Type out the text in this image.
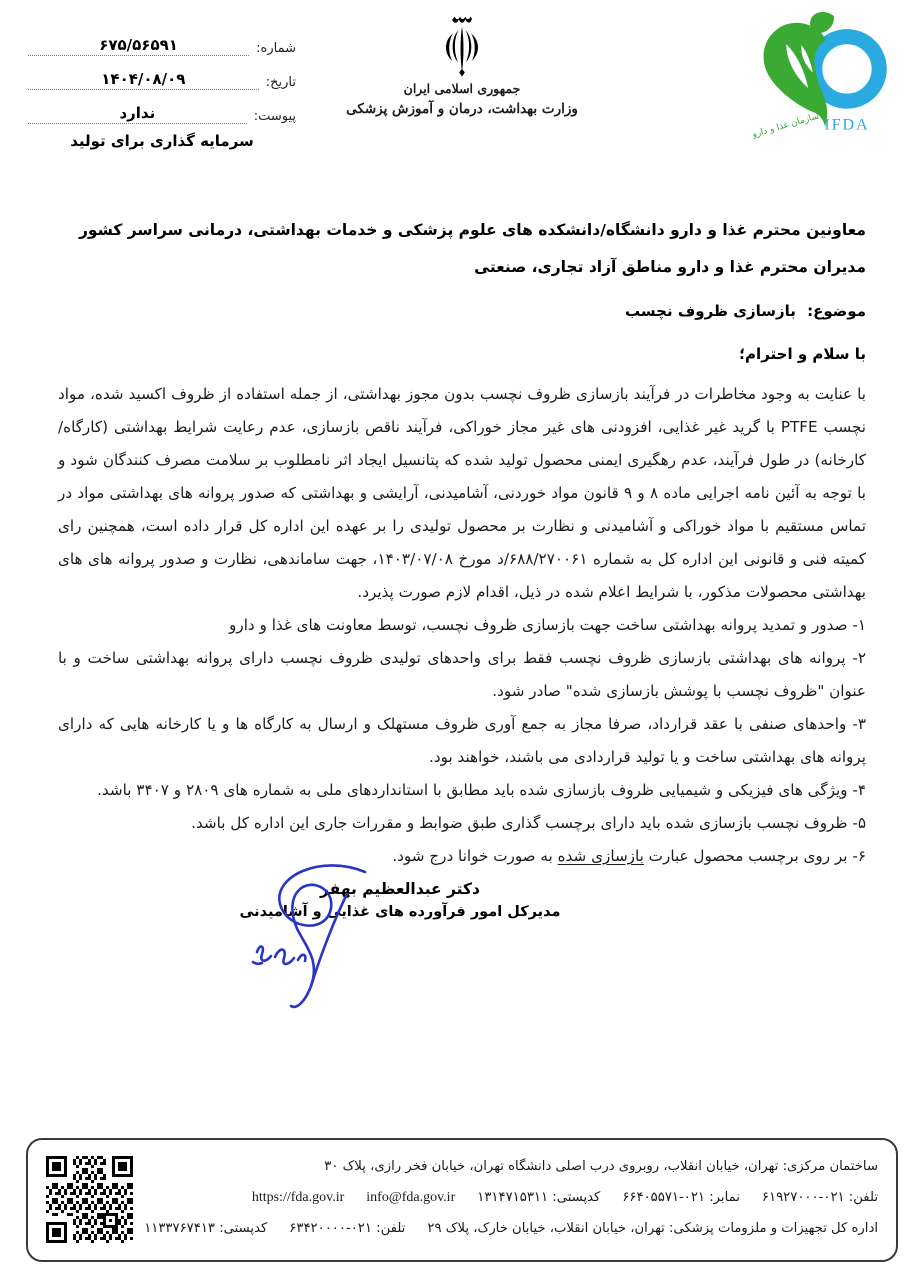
شماره:
۶۷۵/۵۶۵۹۱
تاریخ:
۱۴۰۴/۰۸/۰۹
پیوست:
ندارد
سرمایه گذاری برای تولید
جمهوری اسلامی ایران
وزارت بهداشت، درمان و آموزش پزشکی
IFDA
سازمان غذا و دارو
معاونین محترم غذا و دارو دانشگاه/دانشکده های علوم پزشکی و خدمات بهداشتی، درمانی سراسر کشور
مدیران محترم غذا و دارو مناطق آزاد تجاری، صنعتی
موضوع: بازسازی ظروف نچسب
با سلام و احترام؛
با عنایت به وجود مخاطرات در فرآیند بازسازی ظروف نچسب بدون مجوز بهداشتی، از جمله استفاده از ظروف اکسید شده، مواد نچسب PTFE با گرید غیر غذایی، افزودنی های غیر مجاز خوراکی، فرآیند ناقص بازسازی، عدم رعایت شرایط بهداشتی (کارگاه/کارخانه) در طول فرآیند، عدم رهگیری ایمنی محصول تولید شده که پتانسیل ایجاد اثر نامطلوب بر سلامت مصرف کنندگان شود و با توجه به آئین نامه اجرایی ماده ۸ و ۹ قانون مواد خوردنی، آشامیدنی، آرایشی و بهداشتی که صدور پروانه های بهداشتی مواد در تماس مستقیم با مواد خوراکی و آشامیدنی و نظارت بر محصول تولیدی را بر عهده این اداره کل قرار داده است، همچنین رای کمیته فنی و قانونی این اداره کل به شماره ۶۸۸/۲۷۰۰۶۱/د مورخ ۱۴۰۳/۰۷/۰۸، جهت ساماندهی، نظارت و صدور پروانه های های بهداشتی محصولات مذکور، با شرایط اعلام شده در ذیل، اقدام لازم صورت پذیرد.
۱- صدور و تمدید پروانه بهداشتی ساخت جهت بازسازی ظروف نچسب، توسط معاونت های غذا و دارو
۲- پروانه های بهداشتی بازسازی ظروف نچسب فقط برای واحدهای تولیدی ظروف نچسب دارای پروانه بهداشتی ساخت و با عنوان "ظروف نچسب با پوشش بازسازی شده" صادر شود.
۳- واحدهای صنفی با عقد قرارداد، صرفا مجاز به جمع آوری ظروف مستهلک و ارسال به کارگاه ها و یا کارخانه هایی که دارای پروانه های بهداشتی ساخت و یا تولید قراردادی می باشند، خواهند بود.
۴- ویژگی های فیزیکی و شیمیایی ظروف بازسازی شده باید مطابق با استانداردهای ملی به شماره های ۲۸۰۹ و ۳۴۰۷ باشد.
۵- ظروف نچسب بازسازی شده باید دارای برچسب گذاری طبق ضوابط و مقررات جاری این اداره کل باشد.
۶- بر روی برچسب محصول عبارت بازسازی شده به صورت خوانا درج شود.
دکتر عبدالعظیم بهفر
مدیرکل امور فرآورده های غذایی و آشامیدنی
ساختمان مرکزی: تهران، خیابان انقلاب، روبروی درب اصلی دانشگاه تهران، خیابان فخر رازی، پلاک ۳۰
تلفن: ۰۲۱-۶۱۹۲۷۰۰۰
نمابر: ۰۲۱-۶۶۴۰۵۵۷۱
کدپستی: ۱۳۱۴۷۱۵۳۱۱
info@fda.gov.ir
https://fda.gov.ir
اداره کل تجهیزات و ملزومات پزشکی: تهران، خیابان انقلاب، خیابان خارک، پلاک ۲۹
تلفن: ۰۲۱-۶۳۴۲۰۰۰۰
کدپستی: ۱۱۳۳۷۶۷۴۱۳
